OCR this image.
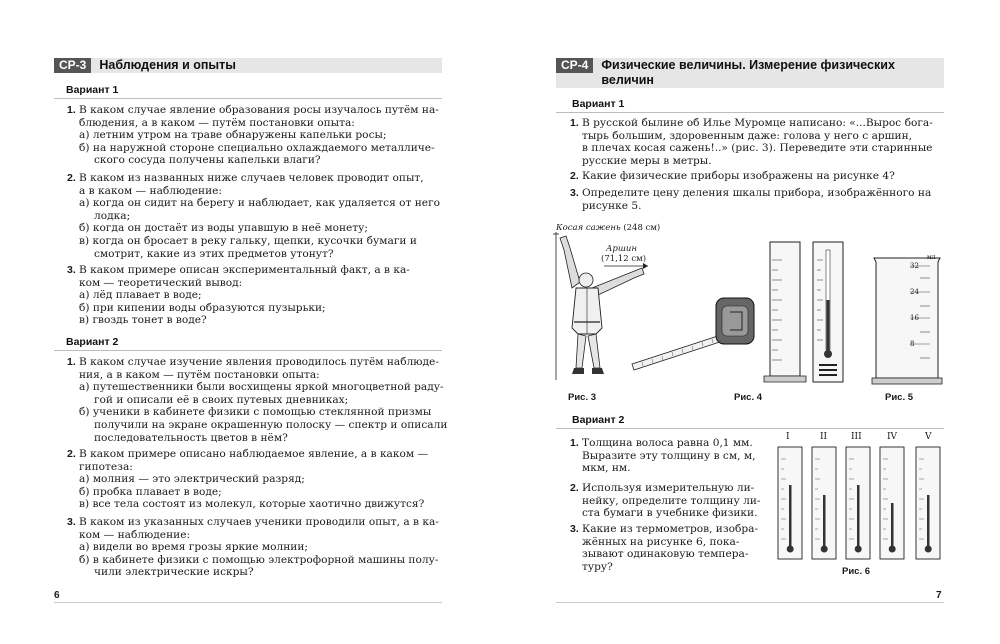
СР-3	Наблюдения и опыты
Вариант 1
1. В каком случае явление образования росы изучалось путём на-
блюдения, а в каком — путём постановки опыта:
а) летним утром на траве обнаружены капельки росы;
б) на наружной стороне специально охлаждаемого металличе-
ского сосуда получены капельки влаги?
2. В каком из названных ниже случаев человек проводит опыт,
а в каком — наблюдение:
а) когда он сидит на берегу и наблюдает, как удаляется от него
лодка;
б) когда он достаёт из воды упавшую в неё монету;
в) когда он бросает в реку гальку, щепки, кусочки бумаги и
смотрит, какие из этих предметов утонут?
3. В каком примере описан экспериментальный факт, а в ка-
ком — теоретический вывод:
а) лёд плавает в воде;
б) при кипении воды образуются пузырьки;
в) гвоздь тонет в воде?
Вариант 2
1. В каком случае изучение явления проводилось путём наблюде-
ния, а в каком — путём постановки опыта:
а) путешественники были восхищены яркой многоцветной раду-
гой и описали её в своих путевых дневниках;
б) ученики в кабинете физики с помощью стеклянной призмы
получили на экране окрашенную полоску — спектр и описали
последовательность цветов в нём?
2. В каком примере описано наблюдаемое явление, а в каком —
гипотеза:
а) молния — это электрический разряд;
б) пробка плавает в воде;
в) все тела состоят из молекул, которые хаотично движутся?
3. В каком из указанных случаев ученики проводили опыт, а в ка-
ком — наблюдение:
а) видели во время грозы яркие молнии;
б) в кабинете физики с помощью электрофорной машины полу-
чили электрические искры?
6
СР-4	Физические величины. Измерение физических
величин
Вариант 1
1. В русской былине об Илье Муромце написано: «...Вырос бога-
тырь большим, здоровенным даже: голова у него с аршин,
в плечах косая сажень!..» (рис. 3). Переведите эти старинные
русские меры в метры.
2. Какие физические приборы изображены на рисунке 4?
3. Определите цену деления шкалы прибора, изображённого на
рисунке 5.
Косая сажень (248 см)
Аршин
(71,12 см)
Рис. 3	Рис. 4
мл
32
24
16
8
Рис. 5
Вариант 2
1. Толщина волоса равна 0,1 мм.
Выразите эту толщину в см, м,
мкм, нм.
2. Используя измерительную ли-
нейку, определите толщину ли-
ста бумаги в учебнике физики.
3. Какие из термометров, изобра-
жённых на рисунке 6, пока-
зывают одинаковую темпера-
туру?
I	II	III	IV	V
Рис. 6
7
